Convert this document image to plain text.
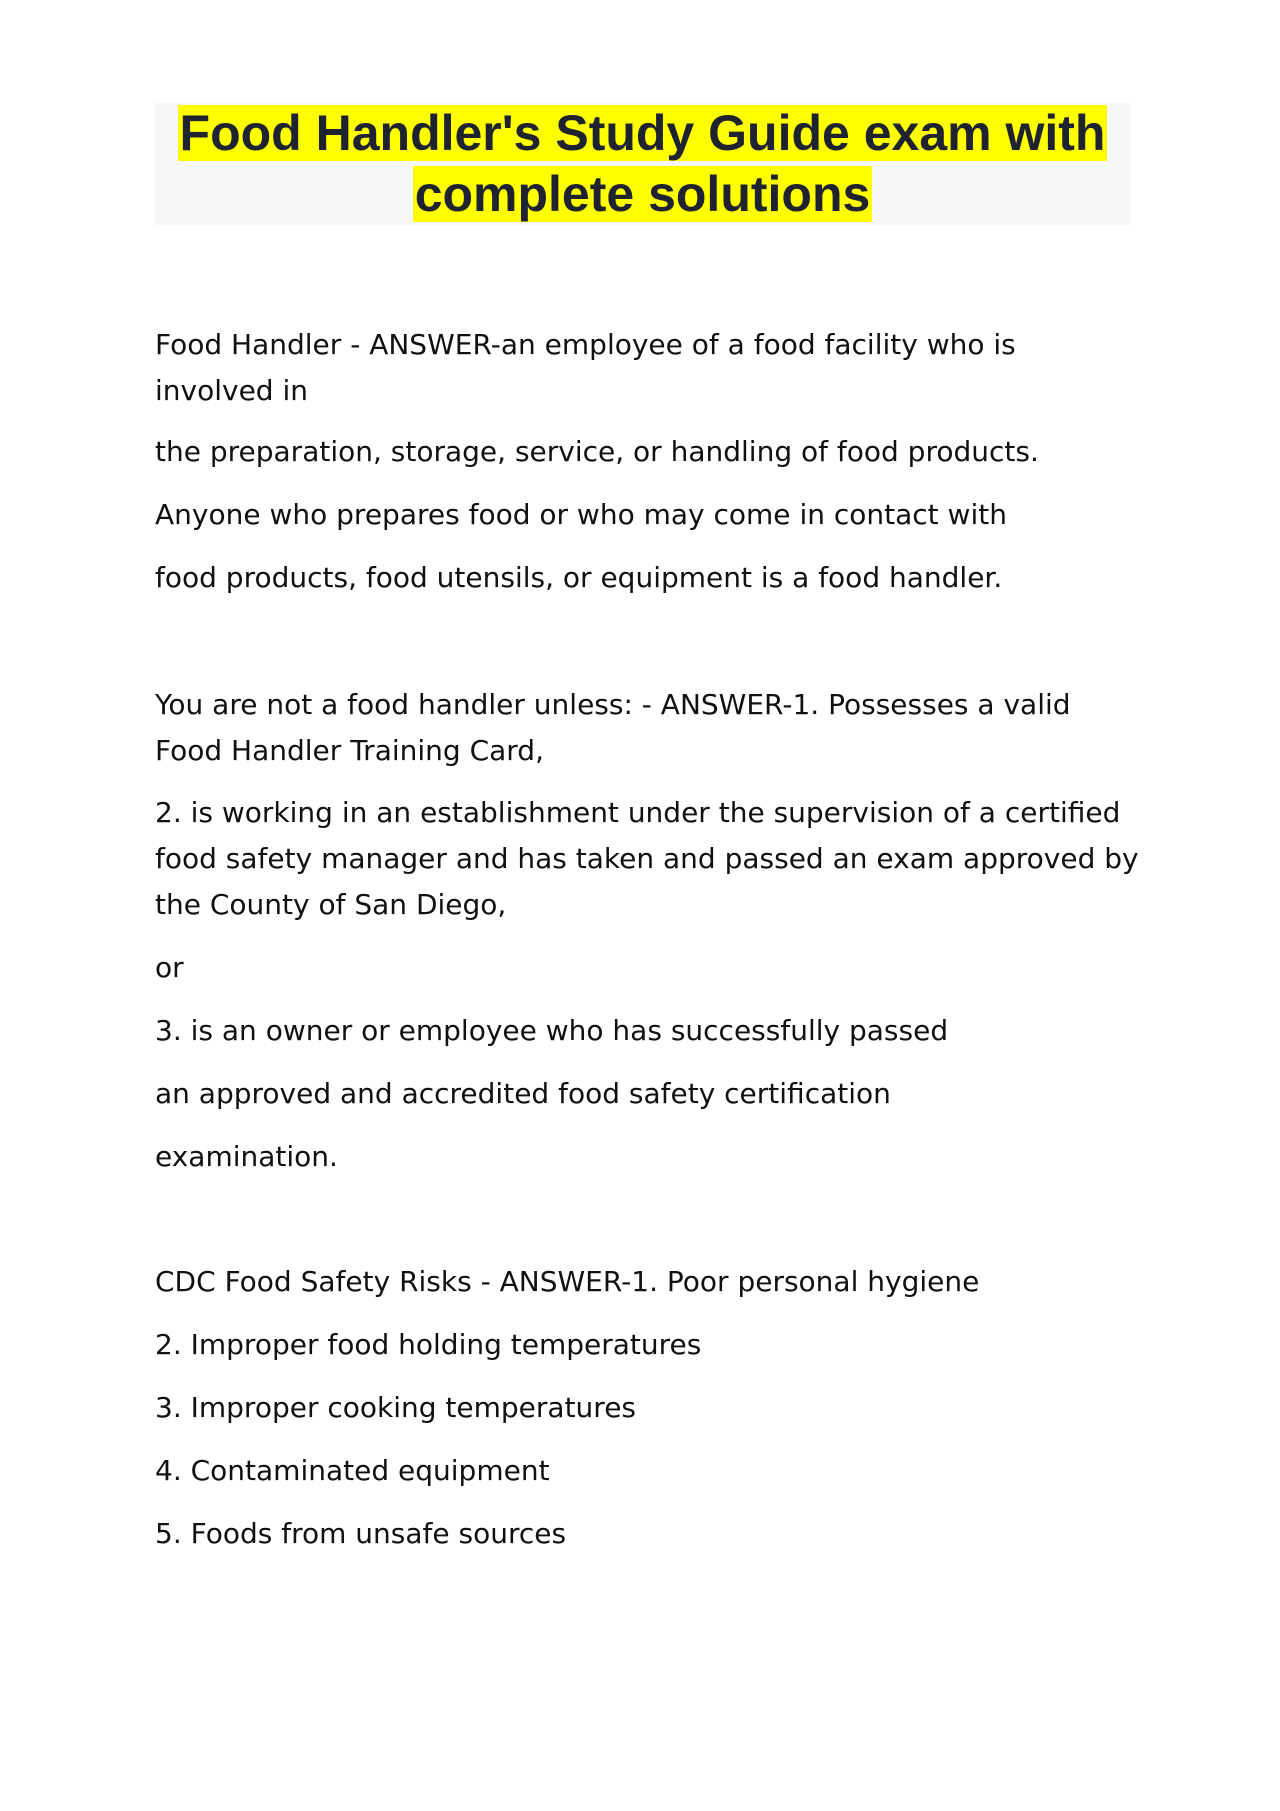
Food Handler's Study Guide exam with

complete solutions

Food Handler - ANSWER-an employee of a food facility who is

involved in

the preparation, storage, service, or handling of food products.

Anyone who prepares food or who may come in contact with

food products, food utensils, or equipment is a food handler.

You are not a food handler unless: - ANSWER-1. Possesses a valid

Food Handler Training Card,

2. is working in an establishment under the supervision of a certified

food safety manager and has taken and passed an exam approved by

the County of San Diego,

or

3. is an owner or employee who has successfully passed

an approved and accredited food safety certification

examination.

CDC Food Safety Risks - ANSWER-1. Poor personal hygiene

2. Improper food holding temperatures

3. Improper cooking temperatures

4. Contaminated equipment

5. Foods from unsafe sources
